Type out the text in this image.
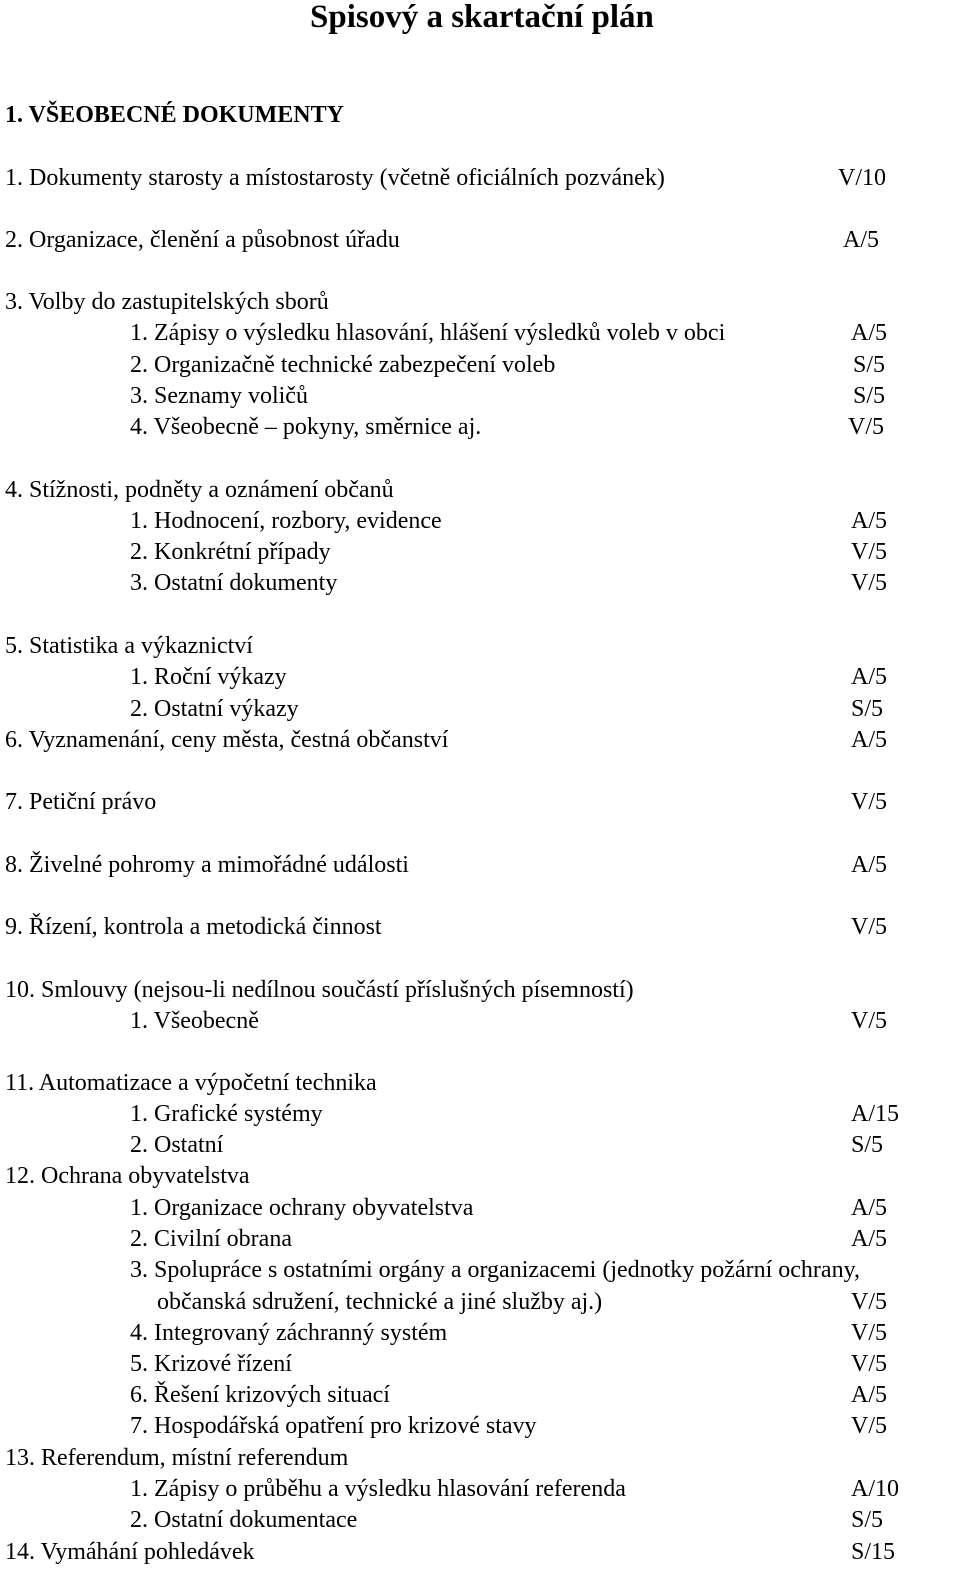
Spisový a skartační plán
1. VŠEOBECNÉ DOKUMENTY
1. Dokumenty starosty a místostarosty (včetně oficiálních pozvánek)	V/10
2. Organizace, členění a působnost úřadu	A/5
3. Volby do zastupitelských sborů
1. Zápisy o výsledku hlasování, hlášení výsledků voleb v obci	A/5
2. Organizačně technické zabezpečení voleb	S/5
3. Seznamy voličů	S/5
4. Všeobecně – pokyny, směrnice aj.	V/5
4. Stížnosti, podněty a oznámení občanů
1. Hodnocení, rozbory, evidence	A/5
2. Konkrétní případy	V/5
3. Ostatní dokumenty	V/5
5. Statistika a výkaznictví
1. Roční výkazy	A/5
2. Ostatní výkazy	S/5
6. Vyznamenání, ceny města, čestná občanství	A/5
7. Petiční právo	V/5
8. Živelné pohromy a mimořádné události	A/5
9. Řízení, kontrola a metodická činnost	V/5
10. Smlouvy (nejsou-li nedílnou součástí příslušných písemností)
1. Všeobecně	V/5
11. Automatizace a výpočetní technika
1. Grafické systémy	A/15
2. Ostatní	S/5
12. Ochrana obyvatelstva
1. Organizace ochrany obyvatelstva	A/5
2. Civilní obrana	A/5
3. Spolupráce s ostatními orgány a organizacemi (jednotky požární ochrany,
občanská sdružení, technické a jiné služby aj.)	V/5
4. Integrovaný záchranný systém	V/5
5. Krizové řízení	V/5
6. Řešení krizových situací	A/5
7. Hospodářská opatření pro krizové stavy	V/5
13. Referendum, místní referendum
1. Zápisy o průběhu a výsledku hlasování referenda	A/10
2. Ostatní dokumentace	S/5
14. Vymáhání pohledávek	S/15
